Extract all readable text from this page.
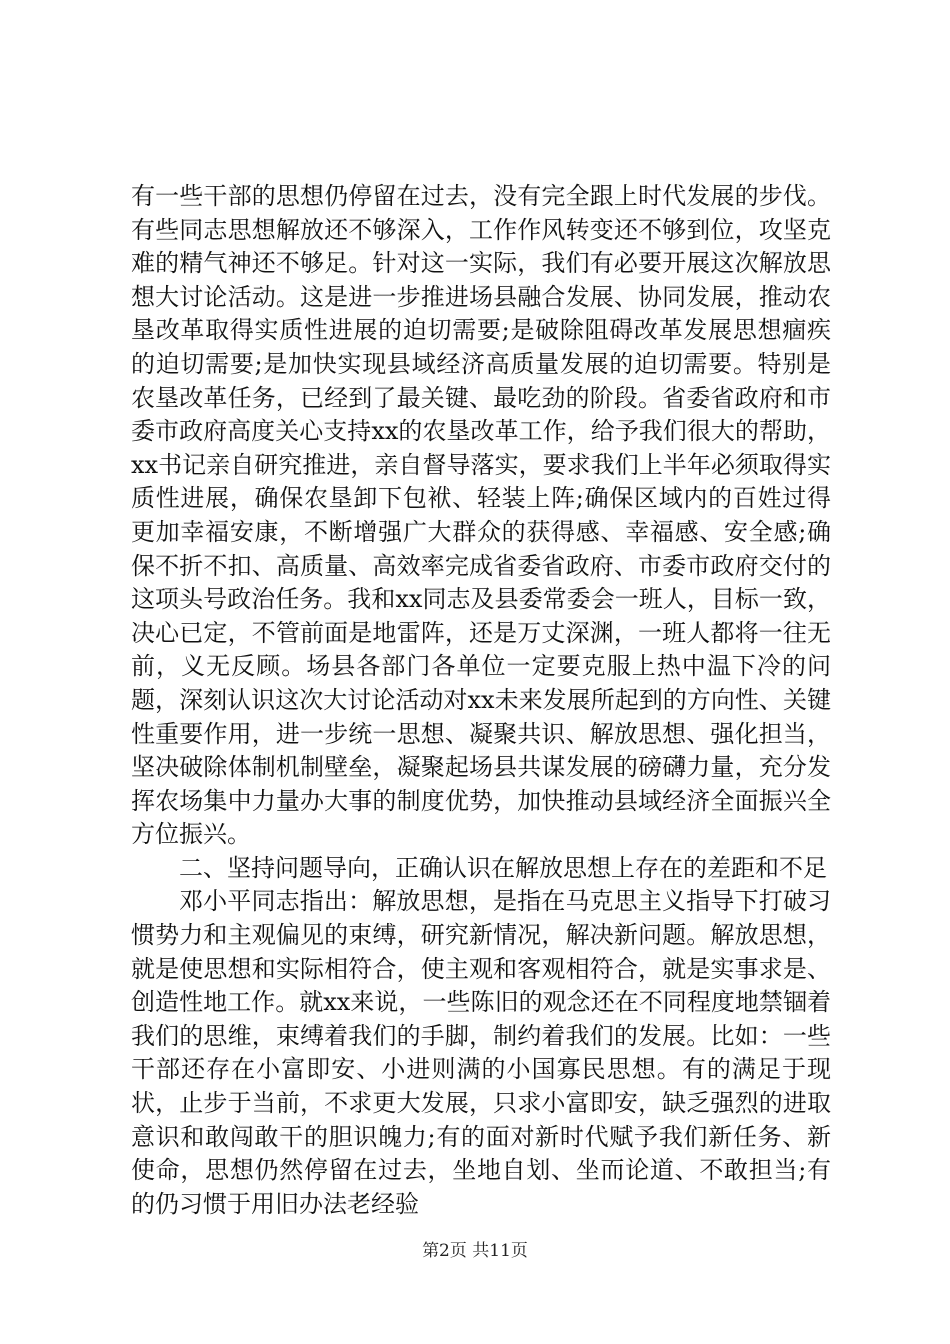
有一些干部的思想仍停留在过去，没有完全跟上时代发展的步伐。有些同志思想解放还不够深入，工作作风转变还不够到位，攻坚克难的精气神还不够足。针对这一实际，我们有必要开展这次解放思想大讨论活动。这是进一步推进场县融合发展、协同发展，推动农垦改革取得实质性进展的迫切需要;是破除阻碍改革发展思想痼疾的迫切需要;是加快实现县域经济高质量发展的迫切需要。特别是农垦改革任务，已经到了最关键、最吃劲的阶段。省委省政府和市委市政府高度关心支持xx的农垦改革工作，给予我们很大的帮助，xx书记亲自研究推进，亲自督导落实，要求我们上半年必须取得实质性进展，确保农垦卸下包袱、轻装上阵;确保区域内的百姓过得更加幸福安康，不断增强广大群众的获得感、幸福感、安全感;确保不折不扣、高质量、高效率完成省委省政府、市委市政府交付的这项头号政治任务。我和xx同志及县委常委会一班人，目标一致，决心已定，不管前面是地雷阵，还是万丈深渊，一班人都将一往无前，义无反顾。场县各部门各单位一定要克服上热中温下冷的问题，深刻认识这次大讨论活动对xx未来发展所起到的方向性、关键性重要作用，进一步统一思想、凝聚共识、解放思想、强化担当，坚决破除体制机制壁垒，凝聚起场县共谋发展的磅礴力量，充分发挥农场集中力量办大事的制度优势，加快推动县域经济全面振兴全方位振兴。

二、坚持问题导向，正确认识在解放思想上存在的差距和不足

邓小平同志指出：解放思想，是指在马克思主义指导下打破习惯势力和主观偏见的束缚，研究新情况，解决新问题。解放思想，就是使思想和实际相符合，使主观和客观相符合，就是实事求是、创造性地工作。就xx来说，一些陈旧的观念还在不同程度地禁锢着我们的思维，束缚着我们的手脚，制约着我们的发展。比如：一些干部还存在小富即安、小进则满的小国寡民思想。有的满足于现状，止步于当前，不求更大发展，只求小富即安，缺乏强烈的进取意识和敢闯敢干的胆识魄力;有的面对新时代赋予我们新任务、新使命，思想仍然停留在过去，坐地自划、坐而论道、不敢担当;有的仍习惯于用旧办法老经验

第2页 共11页
